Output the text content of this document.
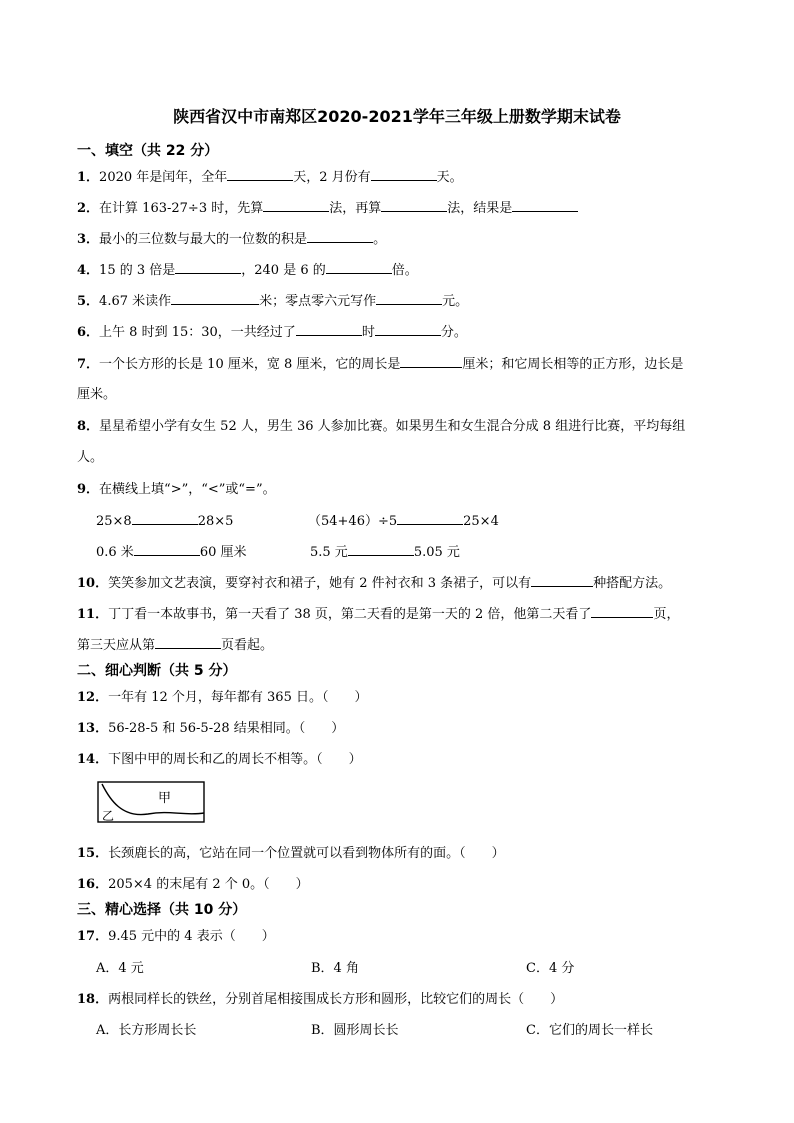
陕西省汉中市南郑区2020-2021学年三年级上册数学期末试卷
一、填空（共 22 分）
1．2020 年是闰年，全年	天，2 月份有	天。
2．在计算 163-27÷3 时，先算	法，再算	法，结果是
3．最小的三位数与最大的一位数的积是	。
4．15 的 3 倍是	，240 是 6 的	倍。
5．4.67 米读作	米；零点零六元写作	元。
6．上午 8 时到 15：30，一共经过了	时	分。
7．一个长方形的长是 10 厘米，宽 8 厘米，它的周长是	厘米；和它周长相等的正方形，边长是
厘米。
8．星星希望小学有女生 52 人，男生 36 人参加比赛。如果男生和女生混合分成 8 组进行比赛，平均每组
人。
9．在横线上填“>”，“<”或“=”。
25×8	28×5	（54+46）÷5	25×4
0.6 米	60 厘米	5.5 元	5.05 元
10．笑笑参加文艺表演，要穿衬衣和裙子，她有 2 件衬衣和 3 条裙子，可以有	种搭配方法。
11．丁丁看一本故事书，第一天看了 38 页，第二天看的是第一天的 2 倍，他第二天看了	页，
第三天应从第	页看起。
二、细心判断（共 5 分）
12．一年有 12 个月，每年都有 365 日。（　　）
13．56-28-5 和 56-5-28 结果相同。（　　）
14．下图中甲的周长和乙的周长不相等。（　　）
甲
乙
15．长颈鹿长的高，它站在同一个位置就可以看到物体所有的面。（　　）
16．205×4 的末尾有 2 个 0。（　　）
三、精心选择（共 10 分）
17．9.45 元中的 4 表示（　　）
A．4 元	B．4 角	C．4 分
18．两根同样长的铁丝，分别首尾相接围成长方形和圆形，比较它们的周长（　　）
A．长方形周长长	B．圆形周长长	C．它们的周长一样长
